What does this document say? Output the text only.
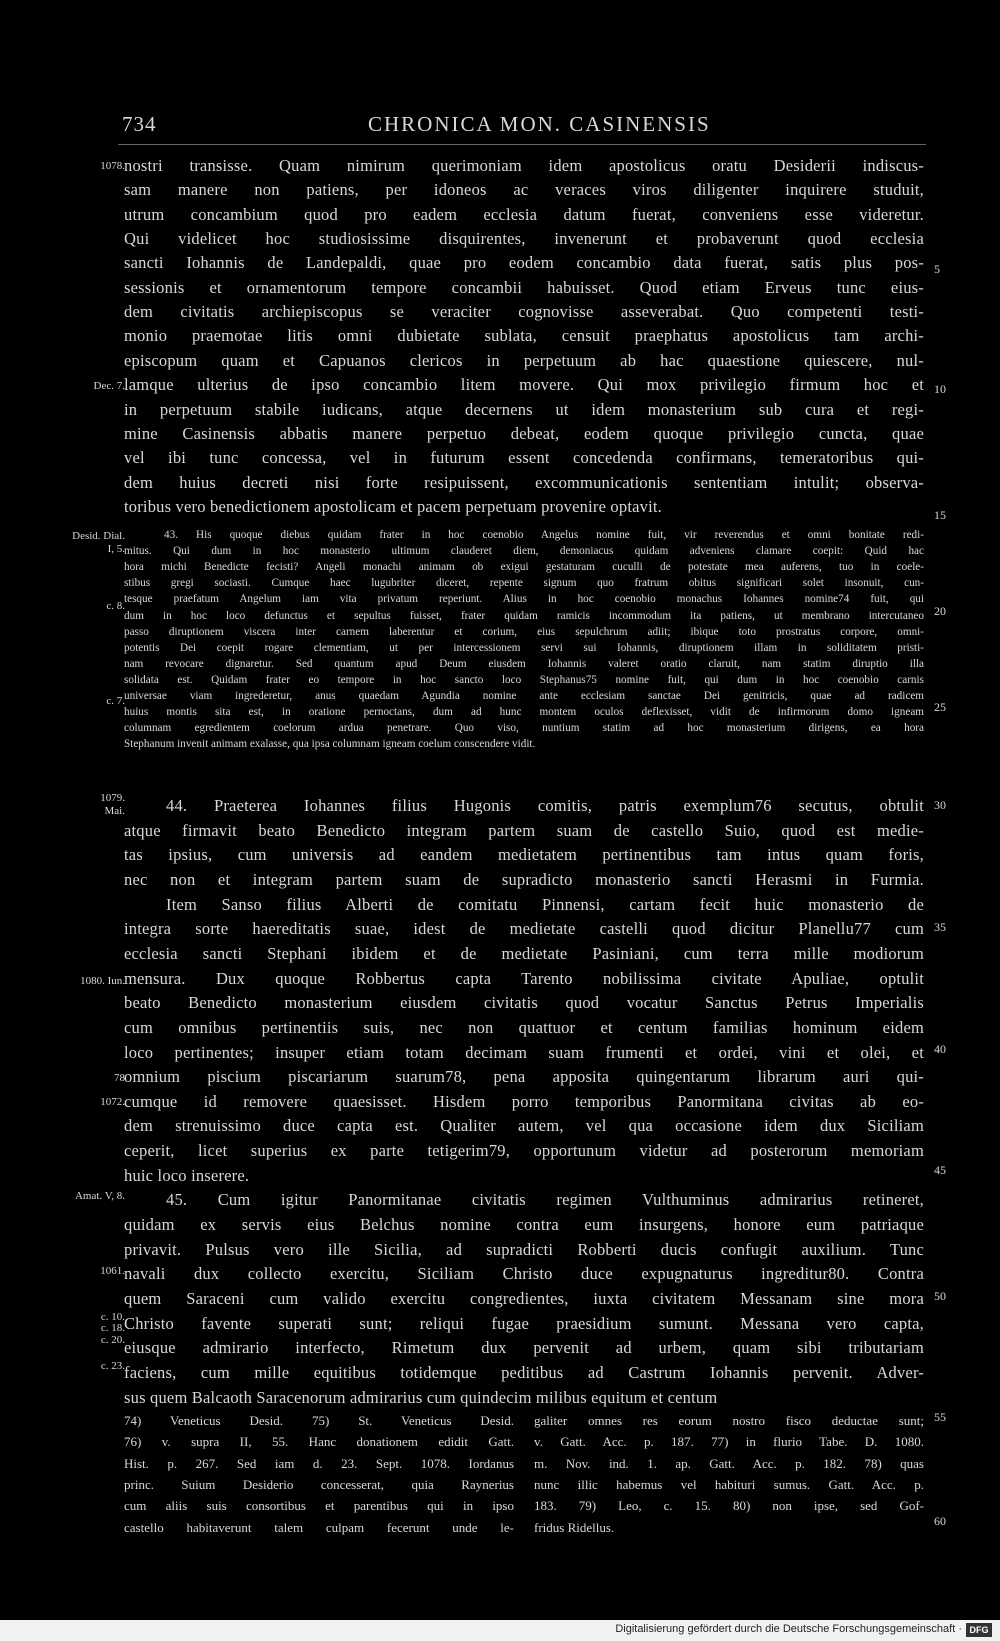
734	CHRONICA MON. CASINENSIS
nostri transisse. Quam nimirum querimoniam idem apostolicus oratu Desiderii indiscus-
sam manere non patiens, per idoneos ac veraces viros diligenter inquirere studuit,
utrum concambium quod pro eadem ecclesia datum fuerat, conveniens esse videretur.
Qui videlicet hoc studiosissime disquirentes, invenerunt et probaverunt quod ecclesia
sancti Iohannis de Landepaldi, quae pro eodem concambio data fuerat, satis plus pos-
sessionis et ornamentorum tempore concambii habuisset. Quod etiam Erveus tunc eius-
dem civitatis archiepiscopus se veraciter cognovisse asseverabat. Quo competenti testi-
monio praemotae litis omni dubietate sublata, censuit praephatus apostolicus tam archi-
episcopum quam et Capuanos clericos in perpetuum ab hac quaestione quiescere, nul-
lamque ulterius de ipso concambio litem movere. Qui mox privilegio firmum hoc et
in perpetuum stabile iudicans, atque decernens ut idem monasterium sub cura et regi-
mine Casinensis abbatis manere perpetuo debeat, eodem quoque privilegio cuncta, quae
vel ibi tunc concessa, vel in futurum essent concedenda confirmans, temeratoribus qui-
dem huius decreti nisi forte resipuissent, excommunicationis sententiam intulit; observa-
toribus vero benedictionem apostolicam et pacem perpetuam provenire optavit.
43. His quoque diebus quidam frater in hoc coenobio Angelus nomine fuit, vir reverendus et omni bonitate redi-
mitus. Qui dum in hoc monasterio ultimum clauderet diem, demoniacus quidam adveniens clamare coepit: Quid hac
hora michi Benedicte fecisti? Angeli monachi animam ob exigui gestaturam cuculli de potestate mea auferens, tuo in coele-
stibus gregi sociasti. Cumque haec lugubriter diceret, repente signum quo fratrum obitus significari solet insonuit, cun-
tesque praefatum Angelum iam vita privatum reperiunt. Alius in hoc coenobio monachus Iohannes nomine74 fuit, qui
dum in hoc loco defunctus et sepultus fuisset, frater quidam ramicis incommodum ita patiens, ut membrano intercutaneo
passo diruptionem viscera inter carnem laberentur et corium, eius sepulchrum adiit; ibique toto prostratus corpore, omni-
potentis Dei coepit rogare clementiam, ut per intercessionem servi sui Iohannis, diruptionem illam in soliditatem pristi-
nam revocare dignaretur. Sed quantum apud Deum eiusdem Iohannis valeret oratio claruit, nam statim diruptio illa
solidata est. Quidam frater eo tempore in hoc sancto loco Stephanus75 nomine fuit, qui dum in hoc coenobio carnis
universae viam ingrederetur, anus quaedam Agundia nomine ante ecclesiam sanctae Dei genitricis, quae ad radicem
huius montis sita est, in oratione pernoctans, dum ad hunc montem oculos deflexisset, vidit de infirmorum domo igneam
columnam egredientem coelorum ardua penetrare. Quo viso, nuntium statim ad hoc monasterium dirigens, ea hora
Stephanum invenit animam exalasse, qua ipsa columnam igneam coelum conscendere vidit.
44. Praeterea Iohannes filius Hugonis comitis, patris exemplum76 secutus, obtulit
atque firmavit beato Benedicto integram partem suam de castello Suio, quod est medie-
tas ipsius, cum universis ad eandem medietatem pertinentibus tam intus quam foris,
nec non et integram partem suam de supradicto monasterio sancti Herasmi in Furmia.
Item Sanso filius Alberti de comitatu Pinnensi, cartam fecit huic monasterio de
integra sorte haereditatis suae, idest de medietate castelli quod dicitur Planellu77 cum
ecclesia sancti Stephani ibidem et de medietate Pasiniani, cum terra mille modiorum
mensura. Dux quoque Robbertus capta Tarento nobilissima civitate Apuliae, optulit
beato Benedicto monasterium eiusdem civitatis quod vocatur Sanctus Petrus Imperialis
cum omnibus pertinentiis suis, nec non quattuor et centum familias hominum eidem
loco pertinentes; insuper etiam totam decimam suam frumenti et ordei, vini et olei, et
omnium piscium piscariarum suarum78, pena apposita quingentarum librarum auri qui-
cumque id removere quaesisset. Hisdem porro temporibus Panormitana civitas ab eo-
dem strenuissimo duce capta est. Qualiter autem, vel qua occasione idem dux Siciliam
ceperit, licet superius ex parte tetigerim79, opportunum videtur ad posterorum memoriam
huic loco inserere.
45. Cum igitur Panormitanae civitatis regimen Vulthuminus admirarius retineret,
quidam ex servis eius Belchus nomine contra eum insurgens, honore eum patriaque
privavit. Pulsus vero ille Sicilia, ad supradicti Robberti ducis confugit auxilium. Tunc
navali dux collecto exercitu, Siciliam Christo duce expugnaturus ingreditur80. Contra
quem Saraceni cum valido exercitu congredientes, iuxta civitatem Messanam sine mora
Christo favente superati sunt; reliqui fugae praesidium sumunt. Messana vero capta,
eiusque admirario interfecto, Rimetum dux pervenit ad urbem, quam sibi tributariam
faciens, cum mille equitibus totidemque peditibus ad Castrum Iohannis pervenit. Adver-
sus quem Balcaoth Saracenorum admirarius cum quindecim milibus equitum et centum
74) Veneticus Desid. 75) St. Veneticus Desid.
76) v. supra II, 55. Hanc donationem edidit Gatt.
Hist. p. 267. Sed iam d. 23. Sept. 1078. Iordanus
princ. Suium Desiderio concesserat, quia Raynerius
cum aliis suis consortibus et parentibus qui in ipso
castello habitaverunt talem culpam fecerunt unde le-
galiter omnes res eorum nostro fisco deductae sunt;
v. Gatt. Acc. p. 187. 77) in flurio Tabe. D. 1080.
m. Nov. ind. 1. ap. Gatt. Acc. p. 182. 78) quas
nunc illic habemus vel habituri sumus. Gatt. Acc. p.
183. 79) Leo, c. 15. 80) non ipse, sed Gof-
fridus Ridellus.
1078.
Dec. 7.
Desid. Dial.
I, 5.
c. 8.
c. 7.
1079.
Mai.
1080. Iun.
78
1072.
Amat. V, 8.
1061.
c. 10.
c. 18.
c. 20.
c. 23.
5
10
15
20
25
30
35
40
45
50
55
60
Digitalisierung gefördert durch die Deutsche Forschungsgemeinschaft · DFG
